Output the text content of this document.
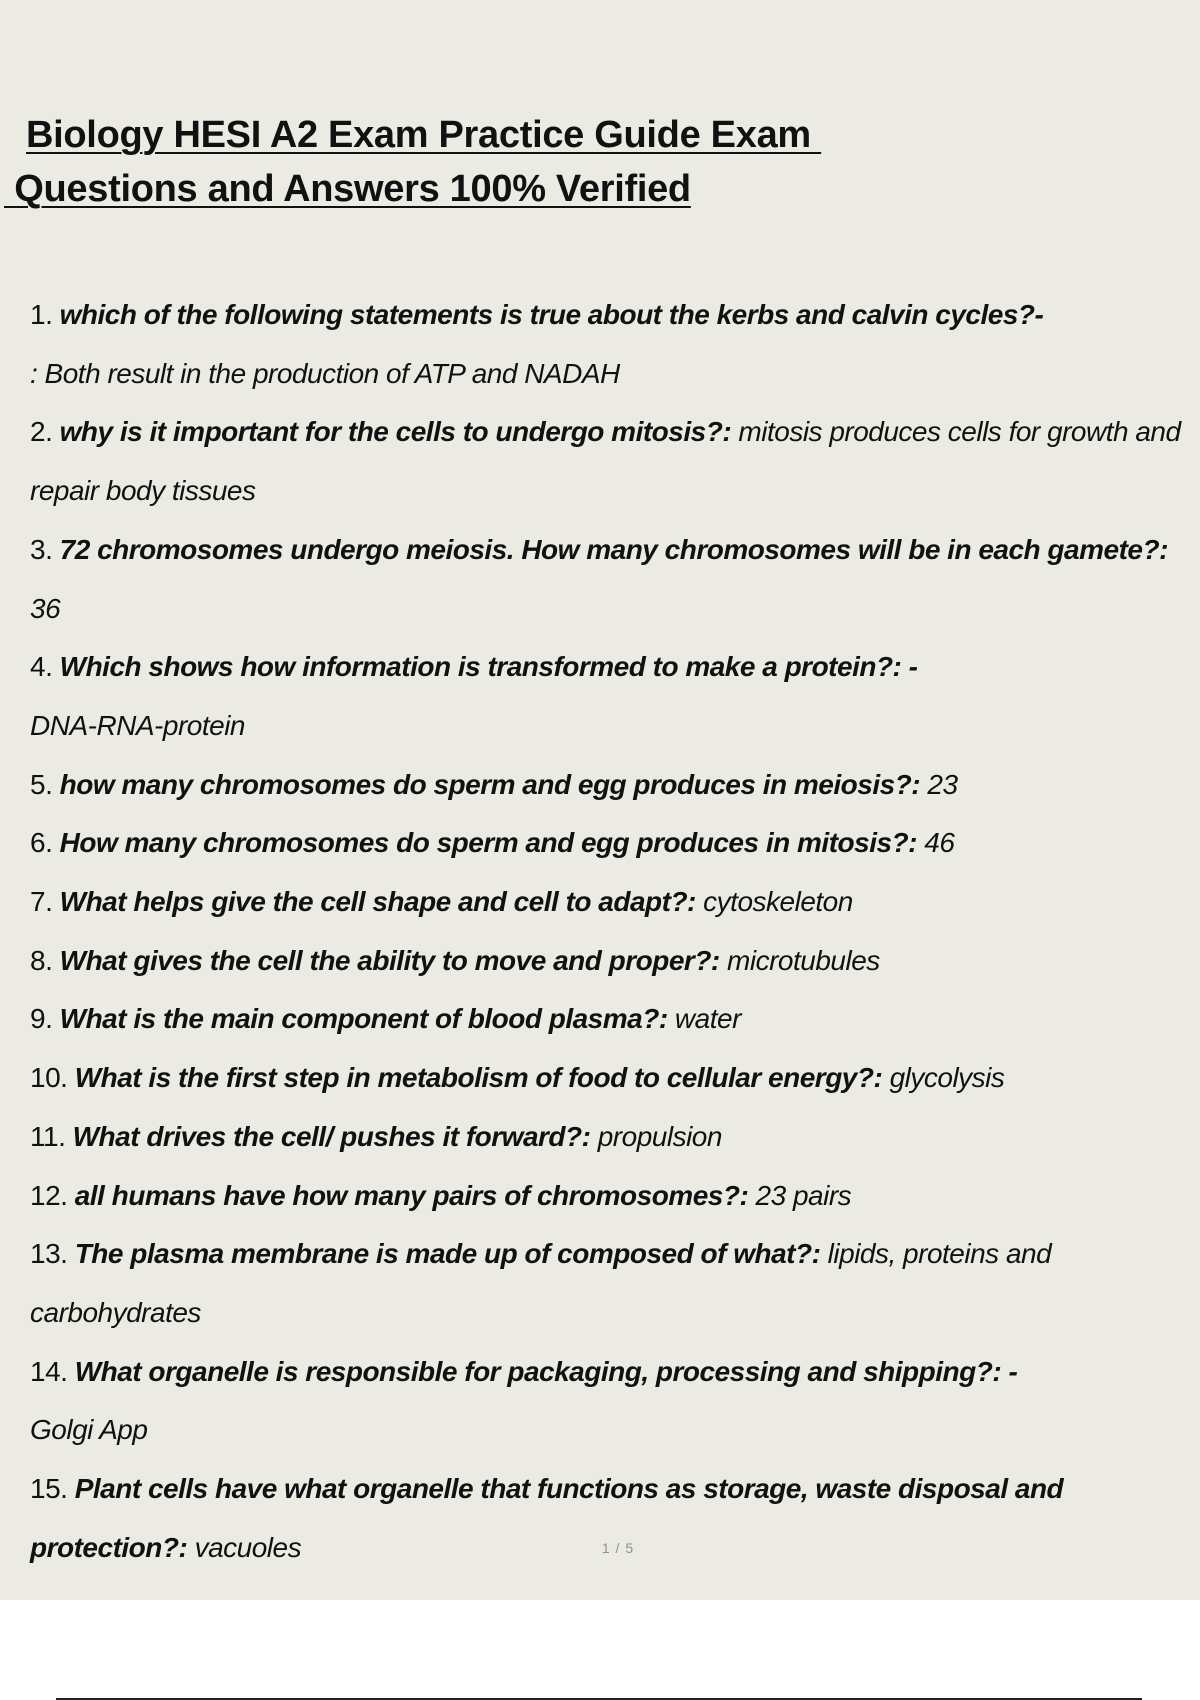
Biology HESI A2 Exam Practice Guide Exam
Questions and Answers 100% Verified
1. which of the following statements is true about the kerbs and calvin cycles?-
: Both result in the production of ATP and NADAH
2. why is it important for the cells to undergo mitosis?: mitosis produces cells for growth and repair body tissues
3. 72 chromosomes undergo meiosis. How many chromosomes will be in each gamete?: 36
4. Which shows how information is transformed to make a protein?: -
DNA-RNA-protein
5. how many chromosomes do sperm and egg produces in meiosis?: 23
6. How many chromosomes do sperm and egg produces in mitosis?: 46
7. What helps give the cell shape and cell to adapt?: cytoskeleton
8. What gives the cell the ability to move and proper?: microtubules
9. What is the main component of blood plasma?: water
10. What is the first step in metabolism of food to cellular energy?: glycolysis
11. What drives the cell/ pushes it forward?: propulsion
12. all humans have how many pairs of chromosomes?: 23 pairs
13. The plasma membrane is made up of composed of what?: lipids, proteins and carbohydrates
14. What organelle is responsible for packaging, processing and shipping?: -
Golgi App
15. Plant cells have what organelle that functions as storage, waste disposal and protection?: vacuoles	1 / 5
